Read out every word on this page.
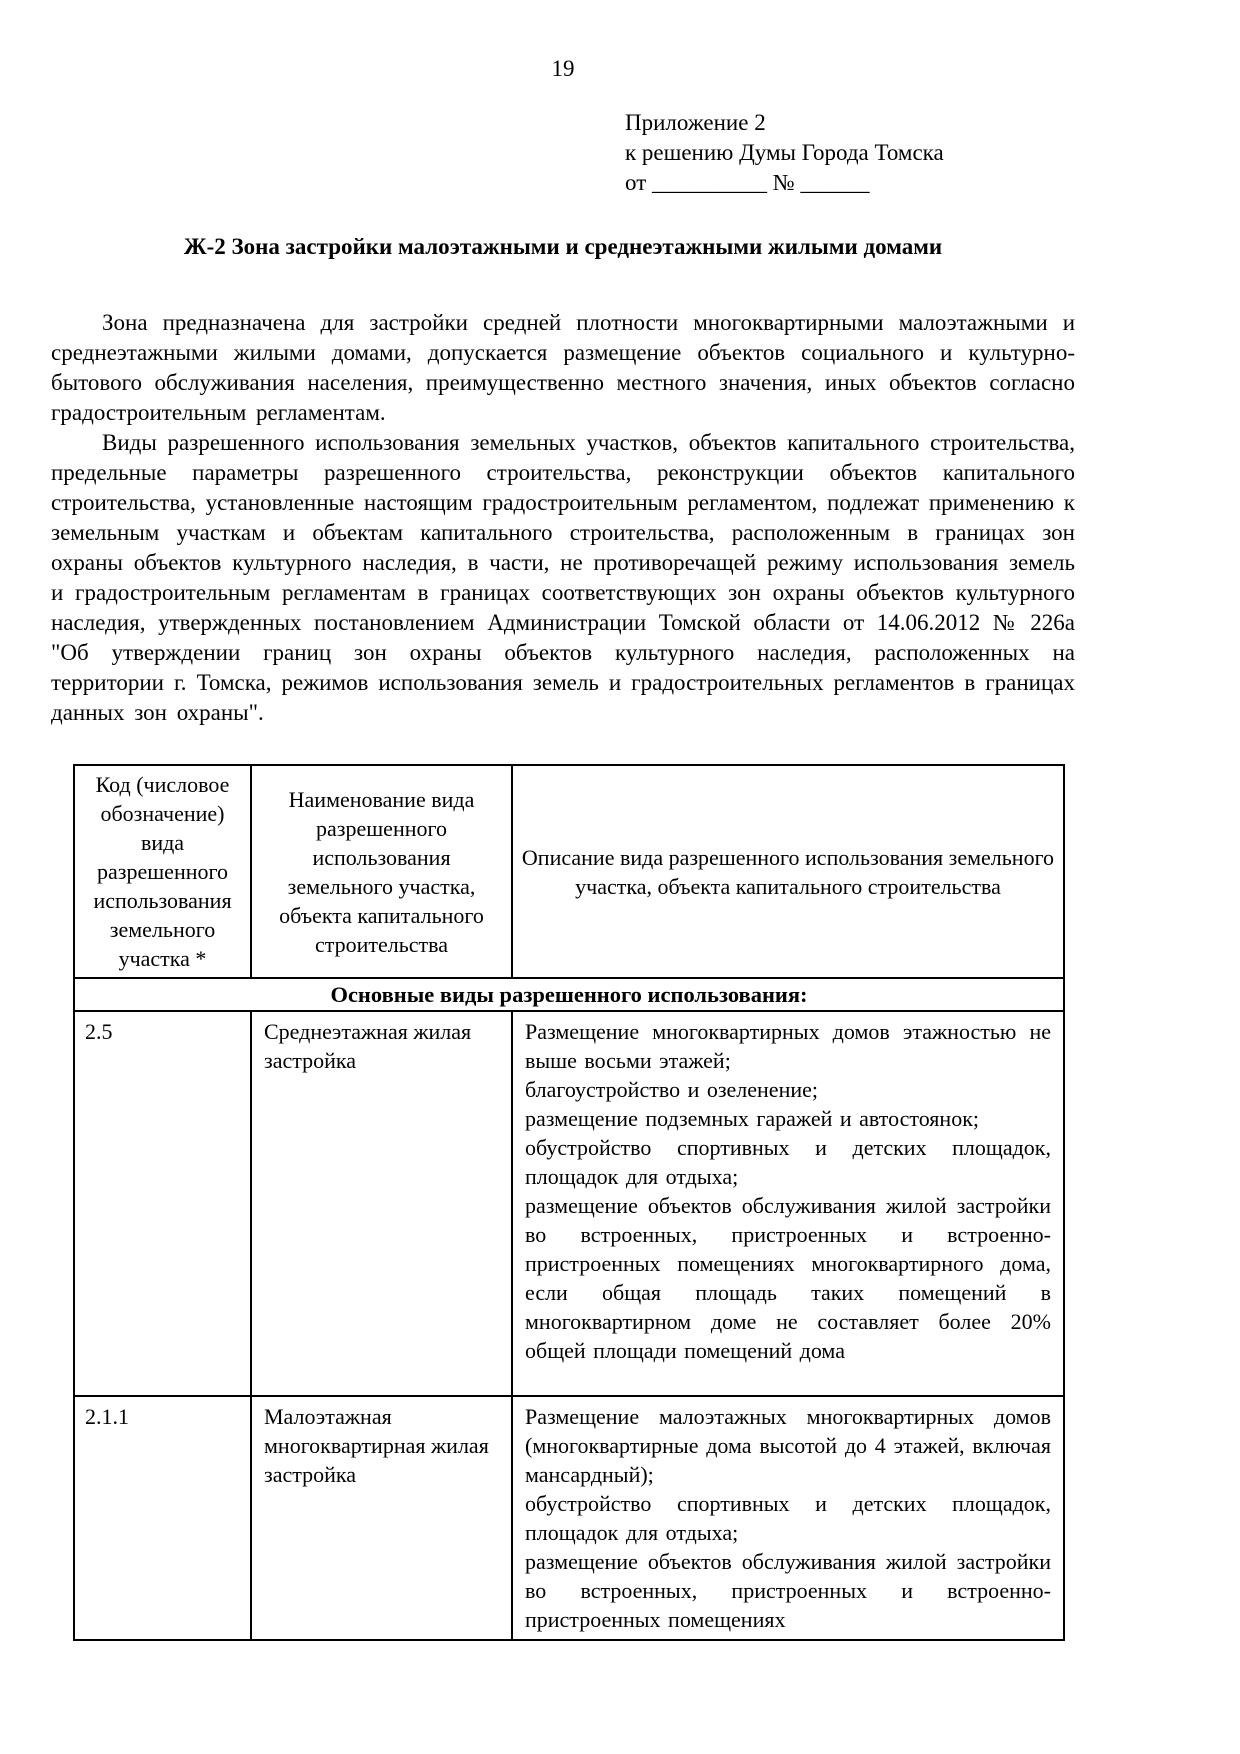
19
Приложение 2
к решению Думы Города Томска
от __________ № ______
Ж-2 Зона застройки малоэтажными и среднеэтажными жилыми домами

Зона предназначена для застройки средней плотности многоквартирными малоэтажными и среднеэтажными жилыми домами, допускается размещение объектов социального и культурно-бытового обслуживания населения, преимущественно местного значения, иных объектов согласно градостроительным регламентам.

Виды разрешенного использования земельных участков, объектов капитального строительства, предельные параметры разрешенного строительства, реконструкции объектов капитального строительства, установленные настоящим градостроительным регламентом, подлежат применению к земельным участкам и объектам капитального строительства, расположенным в границах зон охраны объектов культурного наследия, в части, не противоречащей режиму использования земель и градостроительным регламентам в границах соответствующих зон охраны объектов культурного наследия, утвержденных постановлением Администрации Томской области от 14.06.2012 № 226а "Об утверждении границ зон охраны объектов культурного наследия, расположенных на территории г. Томска, режимов использования земель и градостроительных регламентов в границах данных зон охраны".

Код (числовое обозначение) вида разрешенного использования земельного участка *	Наименование вида разрешенного использования земельного участка, объекта капитального строительства	Описание вида разрешенного использования земельного участка, объекта капитального строительства
Основные виды разрешенного использования:		
2.5	Среднеэтажная жилая застройка	Размещение многоквартирных домов этажностью не выше восьми этажей;
благоустройство и озеленение;
размещение подземных гаражей и автостоянок;
обустройство спортивных и детских площадок, площадок для отдыха;
размещение объектов обслуживания жилой застройки во встроенных, пристроенных и встроенно-пристроенных помещениях многоквартирного дома, если общая площадь таких помещений в многоквартирном доме не составляет более 20% общей площади помещений дома

2.1.1	Малоэтажная многоквартирная жилая застройка	Размещение малоэтажных многоквартирных домов (многоквартирные дома высотой до 4 этажей, включая мансардный);
обустройство спортивных и детских площадок, площадок для отдыха;
размещение объектов обслуживания жилой застройки во встроенных, пристроенных и встроенно-пристроенных помещениях
